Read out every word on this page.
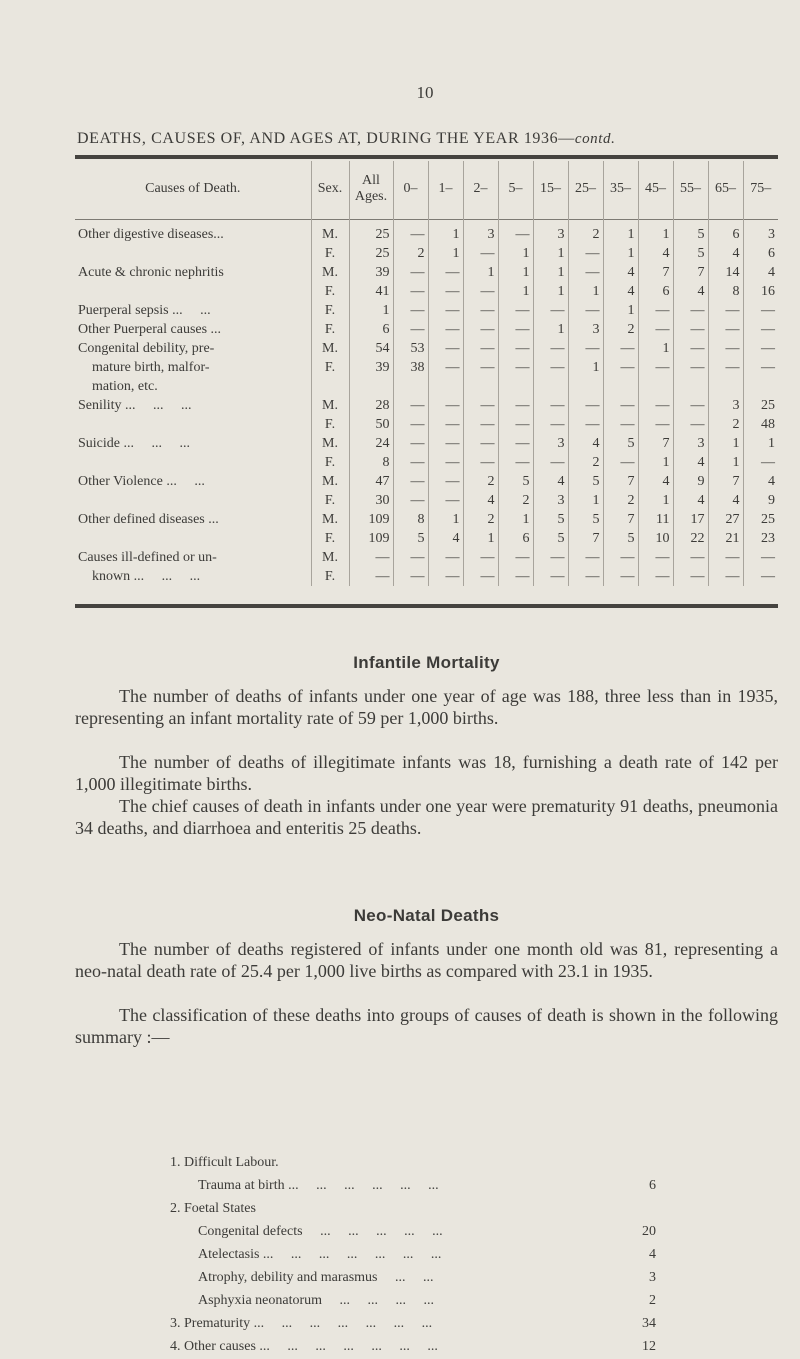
10
DEATHS, CAUSES OF, AND AGES AT, DURING THE YEAR 1936—contd.
Causes of Death.	Sex.	All Ages.	0–	1–	2–	5–	15–	25–	35–	45–	55–	65–	75–
Other digestive diseases...	M.	25	—	1	3	—	3	2	1	1	5	6	3
	F.	25	2	1	—	1	1	—	1	4	5	4	6
Acute & chronic nephritis	M.	39	—	—	1	1	1	—	4	7	7	14	4
	F.	41	—	—	—	1	1	1	4	6	4	8	16
Puerperal sepsis ...     ...	F.	1	—	—	—	—	—	—	1	—	—	—	—
Other Puerperal causes ...	F.	6	—	—	—	—	1	3	2	—	—	—	—
Congenital debility, pre-	M.	54	53	—	—	—	—	—	—	1	—	—	—
mature birth, malfor-	F.	39	38	—	—	—	—	1	—	—	—	—	—
mation, etc.													
Senility ...     ...     ...	M.	28	—	—	—	—	—	—	—	—	—	3	25
	F.	50	—	—	—	—	—	—	—	—	—	2	48
Suicide ...     ...     ...	M.	24	—	—	—	—	3	4	5	7	3	1	1
	F.	8	—	—	—	—	—	2	—	1	4	1	—
Other Violence ...     ...	M.	47	—	—	2	5	4	5	7	4	9	7	4
	F.	30	—	—	4	2	3	1	2	1	4	4	9
Other defined diseases ...	M.	109	8	1	2	1	5	5	7	11	17	27	25
	F.	109	5	4	1	6	5	7	5	10	22	21	23
Causes ill-defined or un-	M.	—	—	—	—	—	—	—	—	—	—	—	—
known ...     ...     ...	F.	—	—	—	—	—	—	—	—	—	—	—	—
Infantile Mortality

The number of deaths of infants under one year of age was 188, three less than in 1935, representing an infant mortality rate of 59 per 1,000 births.

The number of deaths of illegitimate infants was 18, furnishing a death rate of 142 per 1,000 illegitimate births.

The chief causes of death in infants under one year were prematurity 91 deaths, pneumonia 34 deaths, and diarrhoea and enteritis 25 deaths.

Neo-Natal Deaths

The number of deaths registered of infants under one month old was 81, representing a neo-natal death rate of 25.4 per 1,000 live births as compared with 23.1 in 1935.

The classification of these deaths into groups of causes of death is shown in the following summary :—

1. Difficult Labour.
Trauma at birth ...     ...     ...     ...     ...     ...	6
2. Foetal States
Congenital defects     ...     ...     ...     ...     ...	20
Atelectasis ...     ...     ...     ...     ...     ...     ...	4
Atrophy, debility and marasmus     ...     ...	3
Asphyxia neonatorum     ...     ...     ...     ...	2
3. Prematurity ...     ...     ...     ...     ...     ...     ...	34
4. Other causes ...     ...     ...     ...     ...     ...     ...	12
